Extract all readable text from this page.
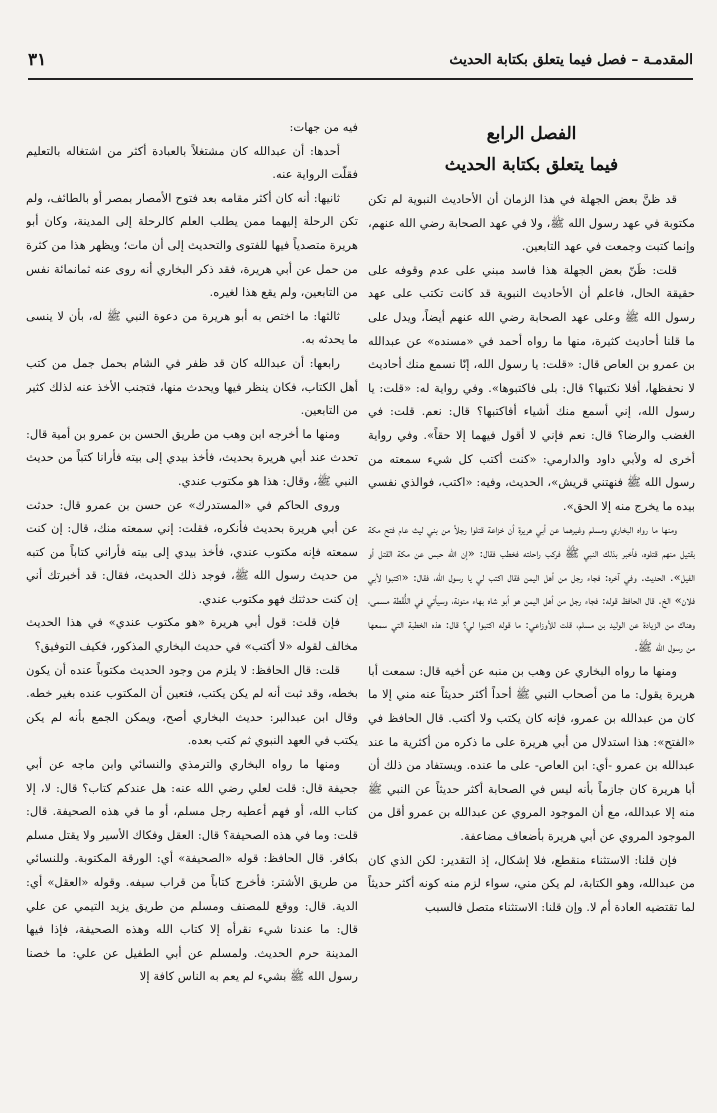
المقدمـة – فصل فيما يتعلق بكتابة الحديث
٣١
الفصل الرابع
فيما يتعلق بكتابة الحديث

قد ظنَّ بعض الجهلة في هذا الزمان أن الأحاديث النبوية لم تكن مكتوبة في عهد رسول الله ﷺ، ولا في عهد الصحابة رضي الله عنهم، وإنما كتبت وجمعت في عهد التابعين.

قلت: ظَنّ بعض الجهلة هذا فاسد مبني على عدم وقوفه على حقيقة الحال، فاعلم أن الأحاديث النبوية قد كانت تكتب على عهد رسول الله ﷺ وعلى عهد الصحابة رضي الله عنهم أيضاً، ويدل على ما قلنا أحاديث كثيرة، منها ما رواه أحمد في «مسنده» عن عبدالله بن عمرو بن العاص قال: «قلت: يا رسول الله، إنّا نسمع منك أحاديث لا نحفظها، أفلا نكتبها؟ قال: بلى فاكتبوها». وفي رواية له: «قلت: يا رسول الله، إني أسمع منك أشياء أفاكتبها؟ قال: نعم. قلت: في الغضب والرضا؟ قال: نعم فإني لا أقول فيهما إلا حقاً». وفي رواية أخرى له ولأبي داود والدارمي: «كنت أكتب كل شيء سمعته من رسول الله ﷺ فنهتني قريش»، الحديث، وفيه: «اكتب، فوالذي نفسي بيده ما يخرج منه إلا الحق».

ومنها ما رواه البخاري ومسلم وغيرهما عن أبي هريرة أن خزاعة قتلوا رجلاً من بني ليث عام فتح مكة بقتيل منهم قتلوه، فأخبر بذلك النبي ﷺ فركب راحلته فخطب فقال: «إن الله حبس عن مكة القتل أو الفيل». الحديث. وفي آخره: فجاء رجل من أهل اليمن فقال اكتب لي يا رسول الله، فقال: «اكتبوا لأبي فلان» الخ. قال الحافظ قوله: فجاء رجل من أهل اليمن هو أبو شاه بهاء منونة، وسيأتي في اللُّقَطة مسمى، وهناك من الزيادة عن الوليد بن مسلم، قلت للأوزاعي: ما قوله اكتبوا لي؟ قال: هذه الخطبة التي سمعها من رسول الله ﷺ.

ومنها ما رواه البخاري عن وهب بن منبه عن أخيه قال: سمعت أبا هريرة يقول: ما من أصحاب النبي ﷺ أحداً أكثر حديثاً عنه مني إلا ما كان من عبدالله بن عمرو، فإنه كان يكتب ولا أكتب. قال الحافظ في «الفتح»: هذا استدلال من أبي هريرة على ما ذكره من أكثرية ما عند عبدالله بن عمرو -أي: ابن العاص- على ما عنده. ويستفاد من ذلك أن أبا هريرة كان جازماً بأنه ليس في الصحابة أكثر حديثاً عن النبي ﷺ منه إلا عبدالله، مع أن الموجود المروي عن عبدالله بن عمرو أقل من الموجود المروي عن أبي هريرة بأضعاف مضاعفة.

فإن قلنا: الاستثناء منقطع، فلا إشكال، إذ التقدير: لكن الذي كان من عبدالله، وهو الكتابة، لم يكن مني، سواء لزم منه كونه أكثر حديثاً لما تقتضيه العادة أم لا. وإن قلنا: الاستثناء متصل فالسبب

فيه من جهات:

أحدها: أن عبدالله كان مشتغلاً بالعبادة أكثر من اشتغاله بالتعليم فقلّت الرواية عنه.

ثانيها: أنه كان أكثر مقامه بعد فتوح الأمصار بمصر أو بالطائف، ولم تكن الرحلة إليهما ممن يطلب العلم كالرحلة إلى المدينة، وكان أبو هريرة متصدياً فيها للفتوى والتحديث إلى أن مات؛ ويظهر هذا من كثرة من حمل عن أبي هريرة، فقد ذكر البخاري أنه روى عنه ثمانمائة نفس من التابعين، ولم يقع هذا لغيره.

ثالثها: ما اختص به أبو هريرة من دعوة النبي ﷺ له، بأن لا ينسى ما يحدثه به.

رابعها: أن عبدالله كان قد ظفر في الشام بحمل جمل من كتب أهل الكتاب، فكان ينظر فيها ويحدث منها، فتجنب الأخذ عنه لذلك كثير من التابعين.

ومنها ما أخرجه ابن وهب من طريق الحسن بن عمرو بن أمية قال: تحدث عند أبي هريرة بحديث، فأخذ بيدي إلى بيته فأرانا كتباً من حديث النبي ﷺ، وقال: هذا هو مكتوب عندي.

وروى الحاكم في «المستدرك» عن حسن بن عمرو قال: حدثت عن أبي هريرة بحديث فأنكره، فقلت: إني سمعته منك، قال: إن كنت سمعته فإنه مكتوب عندي، فأخذ بيدي إلى بيته فأراني كتاباً من كتبه من حديث رسول الله ﷺ، فوجد ذلك الحديث، فقال: قد أخبرتك أني إن كنت حدثتك فهو مكتوب عندي.

فإن قلت: قول أبي هريرة «هو مكتوب عندي» في هذا الحديث مخالف لقوله «لا أكتب» في حديث البخاري المذكور، فكيف التوفيق؟

قلت: قال الحافظ: لا يلزم من وجود الحديث مكتوباً عنده أن يكون بخطه، وقد ثبت أنه لم يكن يكتب، فتعين أن المكتوب عنده بغير خطه. وقال ابن عبدالبر: حديث البخاري أصح، ويمكن الجمع بأنه لم يكن يكتب في العهد النبوي ثم كتب بعده.

ومنها ما رواه البخاري والترمذي والنسائي وابن ماجه عن أبي جحيفة قال: قلت لعلي رضي الله عنه: هل عندكم كتاب؟ قال: لا، إلا كتاب الله، أو فهم أعطيه رجل مسلم، أو ما في هذه الصحيفة. قال: قلت: وما في هذه الصحيفة؟ قال: العقل وفكاك الأسير ولا يقتل مسلم بكافر. قال الحافظ: قوله «الصحيفة» أي: الورقة المكتوبة. وللنسائي من طريق الأشتر: فأخرج كتاباً من قراب سيفه. وقوله «العقل» أي: الدية. قال: ووقع للمصنف ومسلم من طريق يزيد التيمي عن علي قال: ما عندنا شيء نقرأه إلا كتاب الله وهذه الصحيفة، فإذا فيها المدينة حرم الحديث. ولمسلم عن أبي الطفيل عن علي: ما خصنا رسول الله ﷺ بشيء لم يعم به الناس كافة إلا
